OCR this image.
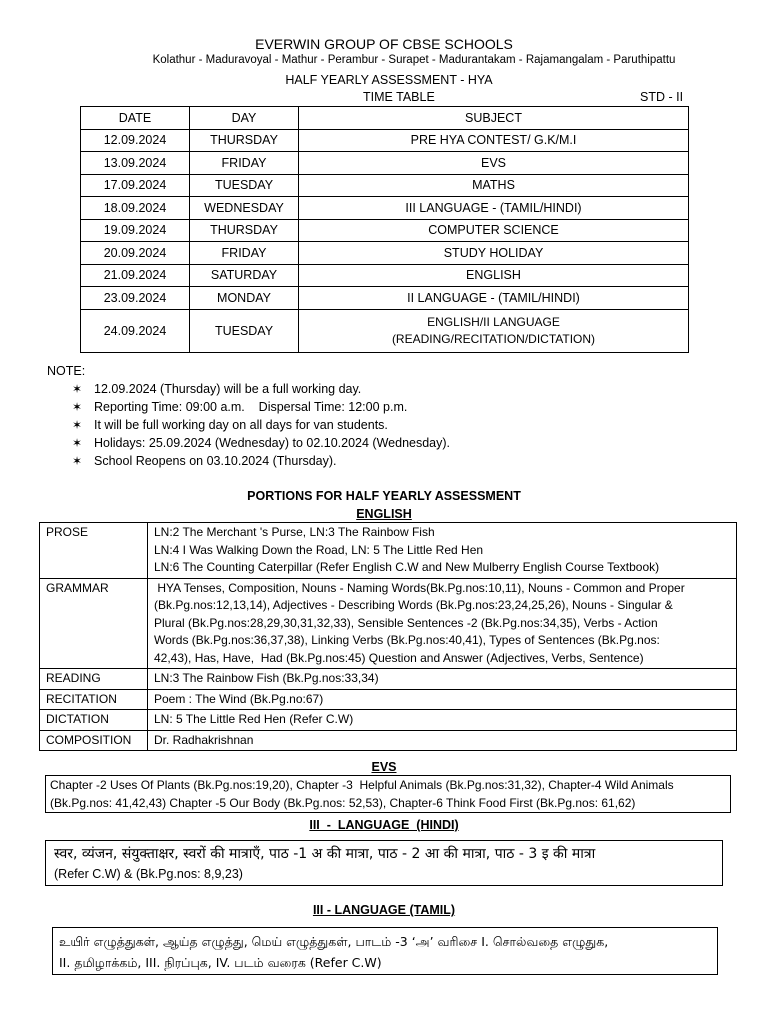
EVERWIN GROUP OF CBSE SCHOOLS
Kolathur - Maduravoyal - Mathur - Perambur - Surapet - Madurantakam - Rajamangalam - Paruthipattu
HALF YEARLY ASSESSMENT - HYA
TIME TABLE	STD - II
DATE	DAY	SUBJECT
12.09.2024	THURSDAY	PRE HYA CONTEST/ G.K/M.I
13.09.2024	FRIDAY	EVS
17.09.2024	TUESDAY	MATHS
18.09.2024	WEDNESDAY	III LANGUAGE - (TAMIL/HINDI)
19.09.2024	THURSDAY	COMPUTER SCIENCE
20.09.2024	FRIDAY	STUDY HOLIDAY
21.09.2024	SATURDAY	ENGLISH
23.09.2024	MONDAY	II LANGUAGE - (TAMIL/HINDI)
24.09.2024	TUESDAY	ENGLISH/II LANGUAGE
(READING/RECITATION/DICTATION)
NOTE:
✶ 12.09.2024 (Thursday) will be a full working day.
✶ Reporting Time: 09:00 a.m.    Dispersal Time: 12:00 p.m.
✶ It will be full working day on all days for van students.
✶ Holidays: 25.09.2024 (Wednesday) to 02.10.2024 (Wednesday).
✶ School Reopens on 03.10.2024 (Thursday).
PORTIONS FOR HALF YEARLY ASSESSMENT
ENGLISH
PROSE	LN:2 The Merchant 's Purse, LN:3 The Rainbow Fish
LN:4 I Was Walking Down the Road, LN: 5 The Little Red Hen
LN:6 The Counting Caterpillar (Refer English C.W and New Mulberry English Course Textbook)

GRAMMAR	HYA Tenses, Composition, Nouns - Naming Words(Bk.Pg.nos:10,11), Nouns - Common and Proper
(Bk.Pg.nos:12,13,14), Adjectives - Describing Words (Bk.Pg.nos:23,24,25,26), Nouns - Singular &
Plural (Bk.Pg.nos:28,29,30,31,32,33), Sensible Sentences -2 (Bk.Pg.nos:34,35), Verbs - Action
Words (Bk.Pg.nos:36,37,38), Linking Verbs (Bk.Pg.nos:40,41), Types of Sentences (Bk.Pg.nos:
42,43), Has, Have,  Had (Bk.Pg.nos:45) Question and Answer (Adjectives, Verbs, Sentence)

READING	LN:3 The Rainbow Fish (Bk.Pg.nos:33,34)

RECITATION	Poem : The Wind (Bk.Pg.no:67)

DICTATION	LN: 5 The Little Red Hen (Refer C.W)

COMPOSITION	Dr. Radhakrishnan
EVS
Chapter -2 Uses Of Plants (Bk.Pg.nos:19,20), Chapter -3  Helpful Animals (Bk.Pg.nos:31,32), Chapter-4 Wild Animals
(Bk.Pg.nos: 41,42,43) Chapter -5 Our Body (Bk.Pg.nos: 52,53), Chapter-6 Think Food First (Bk.Pg.nos: 61,62)
III  -  LANGUAGE  (HINDI)
स्वर, व्यंजन, संयुक्ताक्षर, स्वरों की मात्राएँ, पाठ -1 अ की मात्रा, पाठ - 2 आ की मात्रा, पाठ - 3 इ की मात्रा
(Refer C.W) & (Bk.Pg.nos: 8,9,23)
III - LANGUAGE (TAMIL)
உயிர் எழுத்துகள், ஆய்த எழுத்து, மெய் எழுத்துகள், பாடம் -3 ‘அ’ வரிசை I. சொல்வதை எழுதுக,
II. தமிழாக்கம், III. நிரப்புக, IV. படம் வரைக (Refer C.W)
